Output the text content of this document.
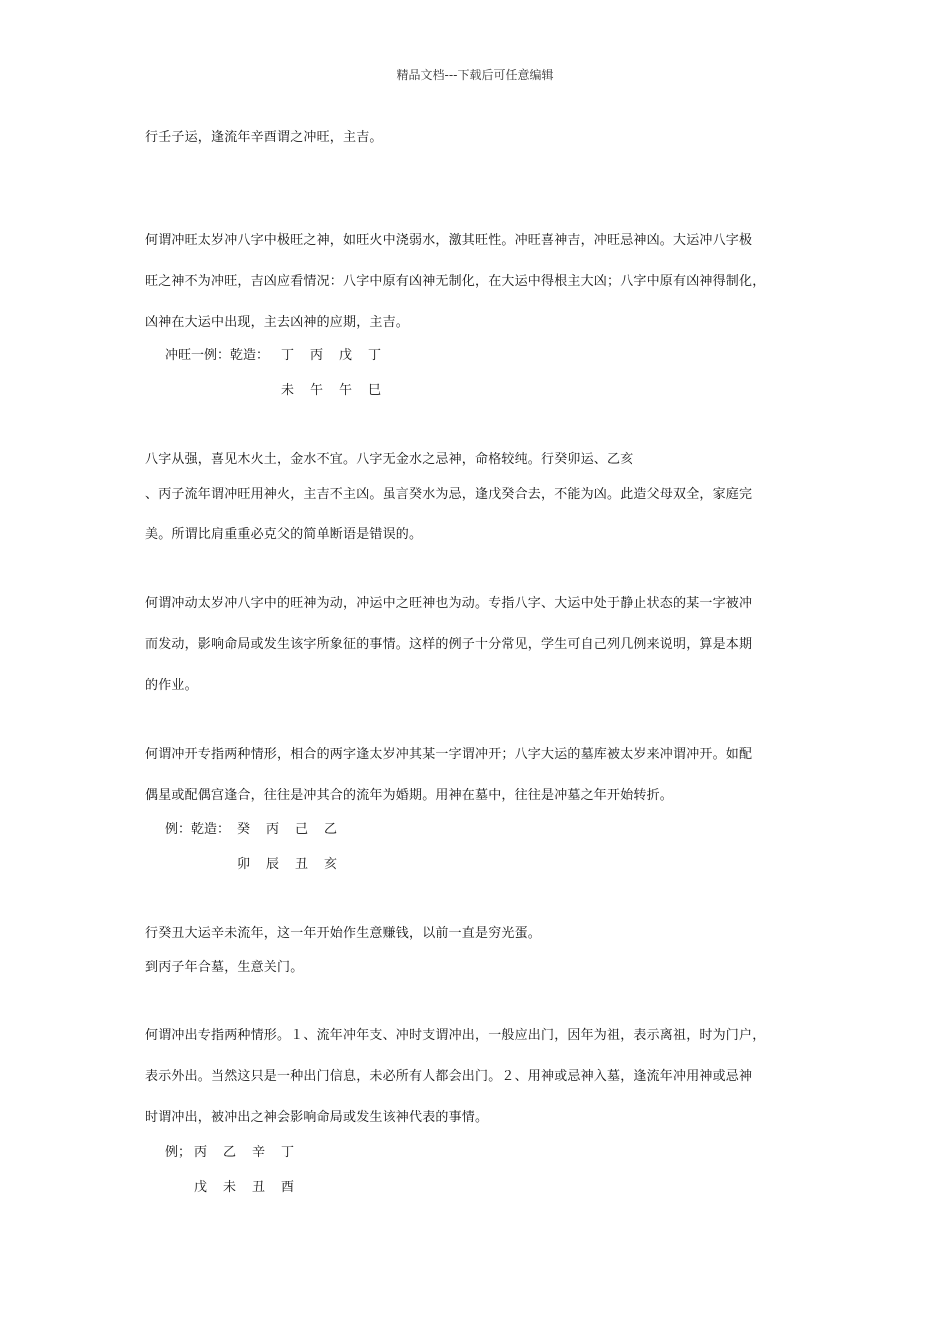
精品文档---下载后可任意编辑
行壬子运，逢流年辛酉谓之冲旺，主吉。
何谓冲旺太岁冲八字中极旺之神，如旺火中浇弱水，激其旺性。冲旺喜神吉，冲旺忌神凶。大运冲八字极
旺之神不为冲旺，吉凶应看情况：八字中原有凶神无制化，在大运中得根主大凶；八字中原有凶神得制化，
凶神在大运中出现，主去凶神的应期，主吉。
冲旺一例：乾造： 丁 丙 戊 丁
未 午 午 巳
八字从强，喜见木火土，金水不宜。八字无金水之忌神，命格较纯。行癸卯运、乙亥
、丙子流年谓冲旺用神火，主吉不主凶。虽言癸水为忌，逢戊癸合去，不能为凶。此造父母双全，家庭完
美。所谓比肩重重必克父的简单断语是错误的。
何谓冲动太岁冲八字中的旺神为动，冲运中之旺神也为动。专指八字、大运中处于静止状态的某一字被冲
而发动，影响命局或发生该字所象征的事情。这样的例子十分常见，学生可自己列几例来说明，算是本期
的作业。
何谓冲开专指两种情形，相合的两字逢太岁冲其某一字谓冲开；八字大运的墓库被太岁来冲谓冲开。如配
偶星或配偶宫逢合，往往是冲其合的流年为婚期。用神在墓中，往往是冲墓之年开始转折。
例：乾造： 癸 丙 己 乙
卯 辰 丑 亥
行癸丑大运辛未流年，这一年开始作生意赚钱，以前一直是穷光蛋。
到丙子年合墓，生意关门。
何谓冲出专指两种情形。１、流年冲年支、冲时支谓冲出，一般应出门，因年为祖，表示离祖，时为门户，
表示外出。当然这只是一种出门信息，未必所有人都会出门。２、用神或忌神入墓，逢流年冲用神或忌神
时谓冲出，被冲出之神会影响命局或发生该神代表的事情。
例； 丙 乙 辛 丁
戊 未 丑 酉
